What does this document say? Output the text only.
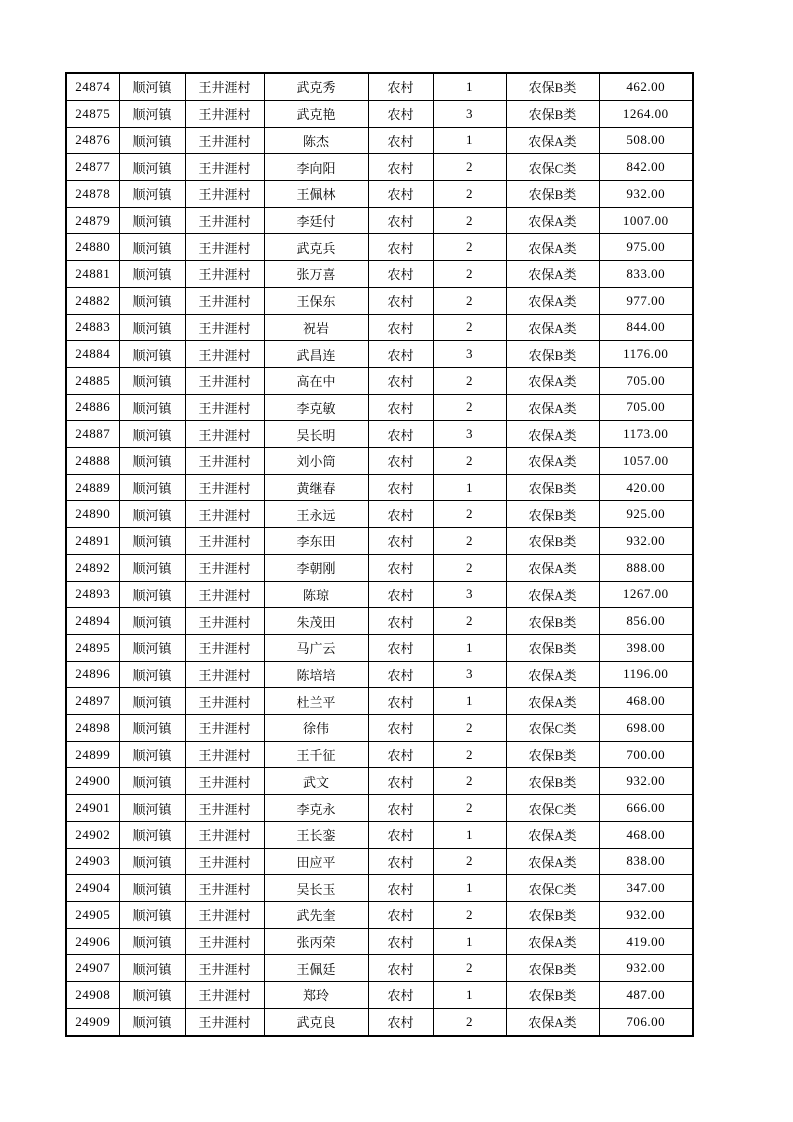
24874	顺河镇	王井涯村	武克秀	农村	1	农保B类	462.00
24875	顺河镇	王井涯村	武克艳	农村	3	农保B类	1264.00
24876	顺河镇	王井涯村	陈杰	农村	1	农保A类	508.00
24877	顺河镇	王井涯村	李向阳	农村	2	农保C类	842.00
24878	顺河镇	王井涯村	王佩林	农村	2	农保B类	932.00
24879	顺河镇	王井涯村	李廷付	农村	2	农保A类	1007.00
24880	顺河镇	王井涯村	武克兵	农村	2	农保A类	975.00
24881	顺河镇	王井涯村	张万喜	农村	2	农保A类	833.00
24882	顺河镇	王井涯村	王保东	农村	2	农保A类	977.00
24883	顺河镇	王井涯村	祝岩	农村	2	农保A类	844.00
24884	顺河镇	王井涯村	武昌连	农村	3	农保B类	1176.00
24885	顺河镇	王井涯村	高在中	农村	2	农保A类	705.00
24886	顺河镇	王井涯村	李克敏	农村	2	农保A类	705.00
24887	顺河镇	王井涯村	吴长明	农村	3	农保A类	1173.00
24888	顺河镇	王井涯村	刘小筒	农村	2	农保A类	1057.00
24889	顺河镇	王井涯村	黄继春	农村	1	农保B类	420.00
24890	顺河镇	王井涯村	王永远	农村	2	农保B类	925.00
24891	顺河镇	王井涯村	李东田	农村	2	农保B类	932.00
24892	顺河镇	王井涯村	李朝刚	农村	2	农保A类	888.00
24893	顺河镇	王井涯村	陈琼	农村	3	农保A类	1267.00
24894	顺河镇	王井涯村	朱茂田	农村	2	农保B类	856.00
24895	顺河镇	王井涯村	马广云	农村	1	农保B类	398.00
24896	顺河镇	王井涯村	陈培培	农村	3	农保A类	1196.00
24897	顺河镇	王井涯村	杜兰平	农村	1	农保A类	468.00
24898	顺河镇	王井涯村	徐伟	农村	2	农保C类	698.00
24899	顺河镇	王井涯村	王千征	农村	2	农保B类	700.00
24900	顺河镇	王井涯村	武文	农村	2	农保B类	932.00
24901	顺河镇	王井涯村	李克永	农村	2	农保C类	666.00
24902	顺河镇	王井涯村	王长銮	农村	1	农保A类	468.00
24903	顺河镇	王井涯村	田应平	农村	2	农保A类	838.00
24904	顺河镇	王井涯村	吴长玉	农村	1	农保C类	347.00
24905	顺河镇	王井涯村	武先奎	农村	2	农保B类	932.00
24906	顺河镇	王井涯村	张丙荣	农村	1	农保A类	419.00
24907	顺河镇	王井涯村	王佩廷	农村	2	农保B类	932.00
24908	顺河镇	王井涯村	郑玲	农村	1	农保B类	487.00
24909	顺河镇	王井涯村	武克良	农村	2	农保A类	706.00
